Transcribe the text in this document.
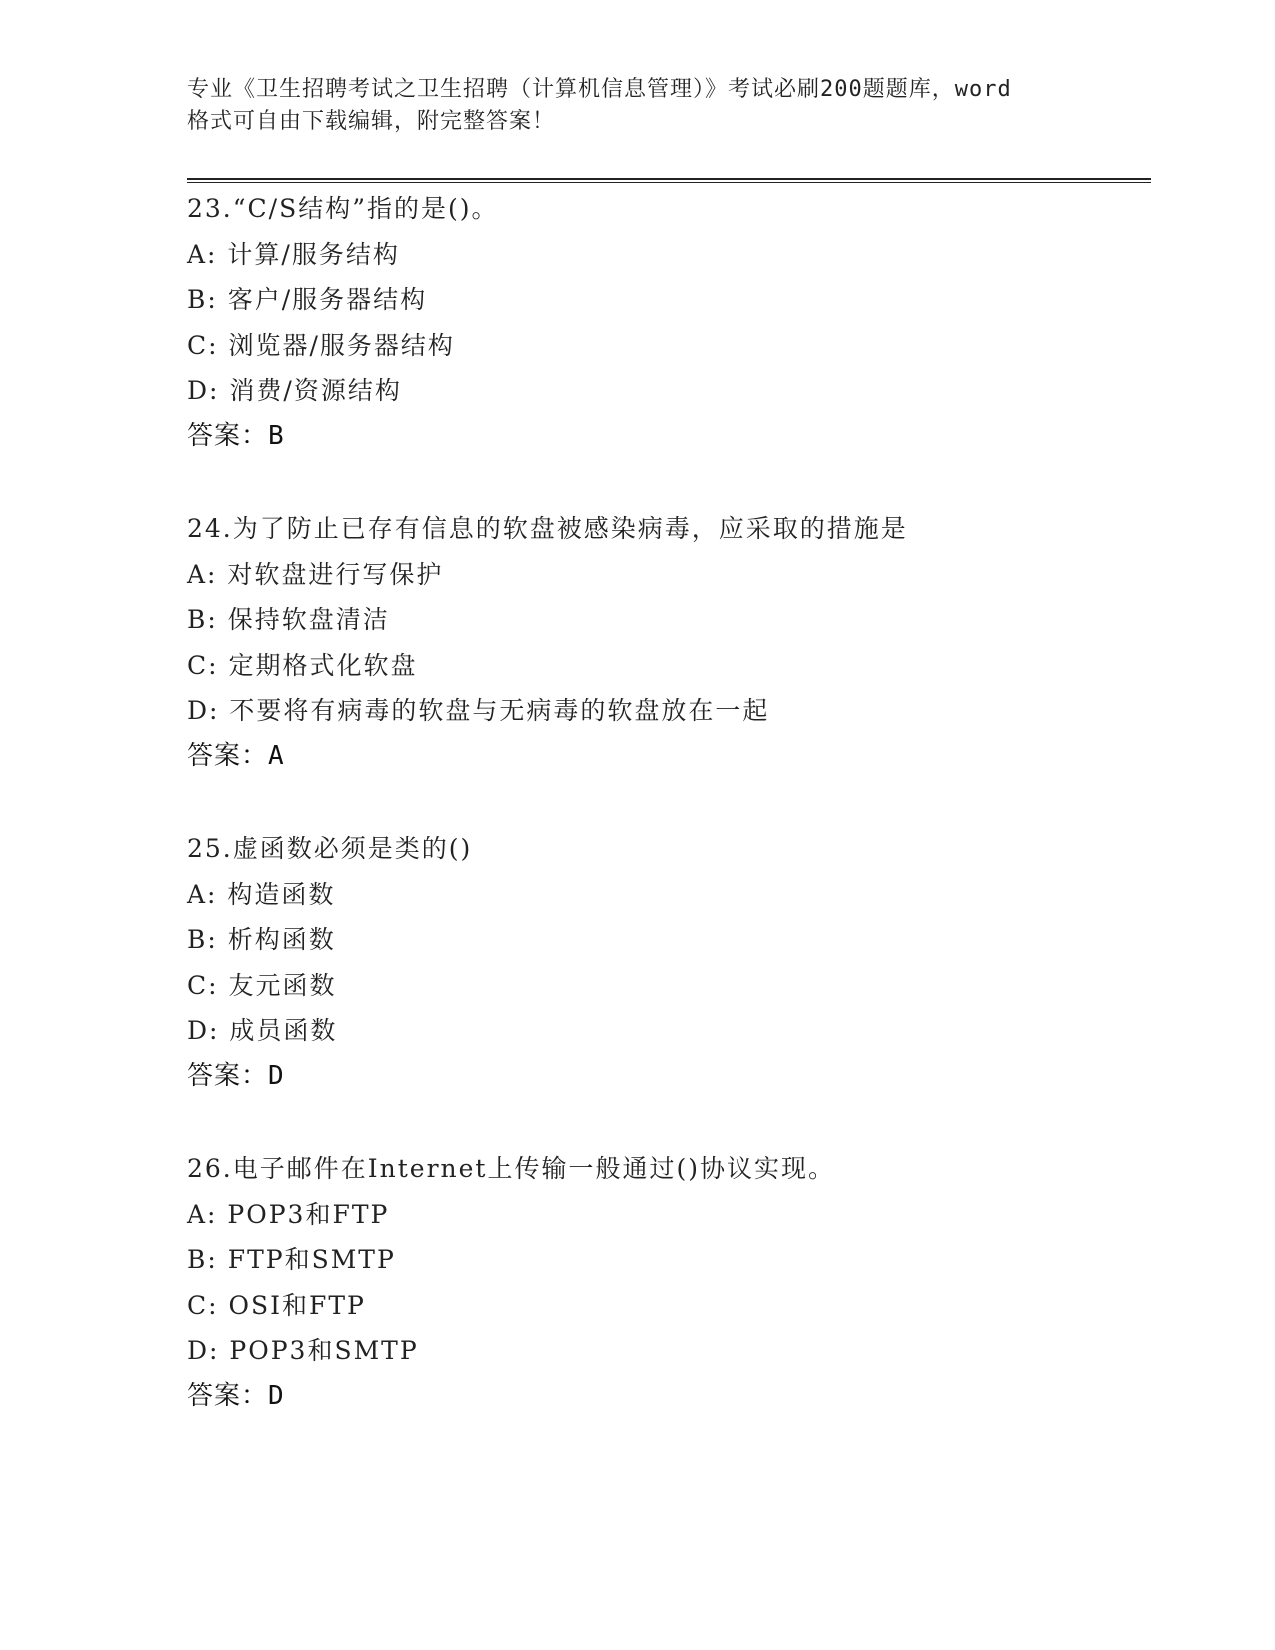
专业《卫生招聘考试之卫生招聘（计算机信息管理）》考试必刷200题题库，word
格式可自由下载编辑，附完整答案！
23.“C/S结构”指的是()。
A: 计算/服务结构
B: 客户/服务器结构
C: 浏览器/服务器结构
D: 消费/资源结构
答案：B
24.为了防止已存有信息的软盘被感染病毒，应采取的措施是
A: 对软盘进行写保护
B: 保持软盘清洁
C: 定期格式化软盘
D: 不要将有病毒的软盘与无病毒的软盘放在一起
答案：A
25.虚函数必须是类的()
A: 构造函数
B: 析构函数
C: 友元函数
D: 成员函数
答案：D
26.电子邮件在Internet上传输一般通过()协议实现。
A: POP3和FTP
B: FTP和SMTP
C: OSI和FTP
D: POP3和SMTP
答案：D
